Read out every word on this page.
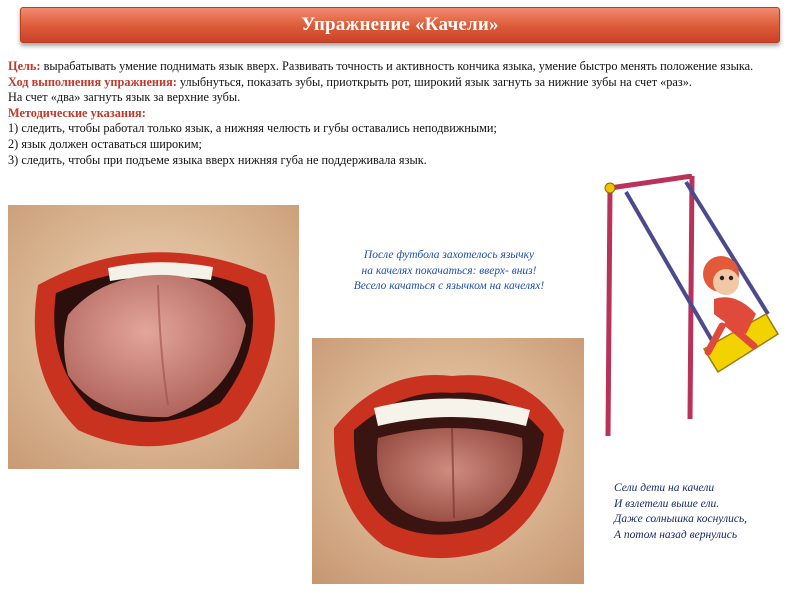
Упражнение «Качели»
Цель: вырабатывать умение поднимать язык вверх. Развивать точность и активность кончика языка, умение быстро менять положение языка.
Ход выполнения упражнения: улыбнуться, показать зубы, приоткрыть рот, широкий язык загнуть за нижние зубы на счет «раз».
На счет «два» загнуть язык за верхние зубы.
Методические указания:
1) следить, чтобы работал только язык, а нижняя челюсть и губы оставались неподвижными;
2) язык должен оставаться широким;
3) следить, чтобы при подъеме языка вверх нижняя губа не поддерживала язык.
После футбола захотелось язычку
на качелях покачаться: вверх- вниз!
Весело качаться с язычком на качелях!
Сели дети на качели
И взлетели выше ели.
Даже солнышка коснулись,
А потом назад вернулись
